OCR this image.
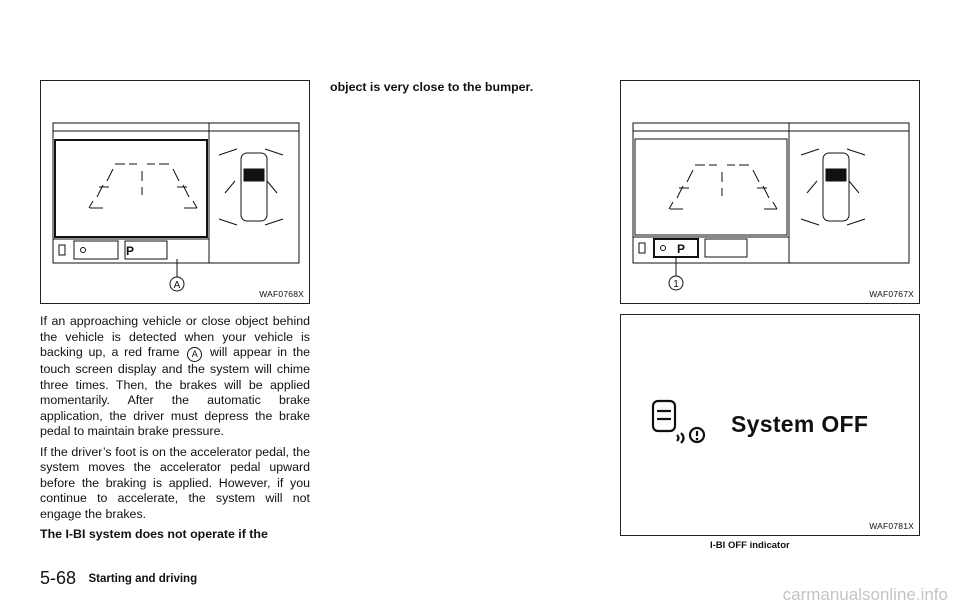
P
A
WAF0768X

If an approaching vehicle or close object behind the vehicle is detected when your vehicle is backing up, a red frame A will appear in the touch screen display and the system will chime three times. Then, the brakes will be applied momentarily. After the automatic brake application, the driver must depress the brake pedal to maintain brake pressure.

If the driver’s foot is on the accelerator pedal, the system moves the accelerator pedal upward before the braking is applied. However, if you continue to accelerate, the system will not engage the brakes.

The I-BI system does not operate if the

object is very close to the bumper.

P
1
WAF0767X
System OFF
WAF0781X
I-BI OFF indicator
5-68 Starting and driving
carmanualsonline.info
